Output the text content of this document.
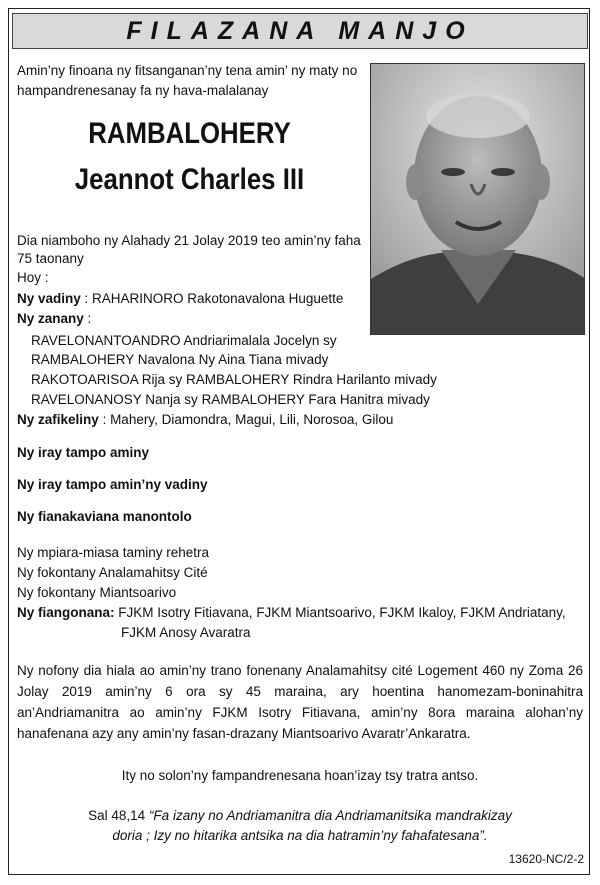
FILAZANA MANJO
Amin’ny finoana ny fitsanganan’ny tena amin’ ny maty no
hampandrenesanay fa ny hava-malalanay
RAMBALOHERY
Jeannot Charles III
Dia niamboho ny Alahady 21 Jolay 2019 teo amin’ny faha
75 taonany
Hoy :
Ny vadiny : RAHARINORO Rakotonavalona Huguette
Ny zanany :
RAVELONANTOANDRO Andriarimalala Jocelyn sy
RAMBALOHERY Navalona Ny Aina Tiana mivady
RAKOTOARISOA Rija sy RAMBALOHERY Rindra Harilanto mivady
RAVELONANOSY Nanja sy RAMBALOHERY Fara Hanitra mivady
Ny zafikeliny : Mahery, Diamondra, Magui, Lili, Norosoa, Gilou
Ny iray tampo aminy
Ny iray tampo amin’ny vadiny
Ny fianakaviana manontolo
Ny mpiara-miasa taminy rehetra
Ny fokontany Analamahitsy Cité
Ny fokontany Miantsoarivo
Ny fiangonana: FJKM Isotry Fitiavana, FJKM Miantsoarivo, FJKM Ikaloy, FJKM Andriatany,
FJKM Anosy Avaratra
Ny nofony dia hiala ao amin’ny trano fonenany Analamahitsy cité Logement 460 ny Zoma 26 Jolay 2019 amin’ny 6 ora sy 45 maraina, ary hoentina hanomezam-boninahitra an’Andriamanitra ao amin’ny FJKM Isotry Fitiavana, amin’ny 8ora maraina alohan’ny hanafenana azy any amin’ny fasan-drazany Miantsoarivo Avaratr’Ankaratra.
Ity no solon’ny fampandrenesana hoan’izay tsy tratra antso.
Sal 48,14 “Fa izany no Andriamanitra dia Andriamanitsika mandrakizay
doria ; Izy no hitarika antsika na dia hatramin’ny fahafatesana”.
13620-NC/2-2
